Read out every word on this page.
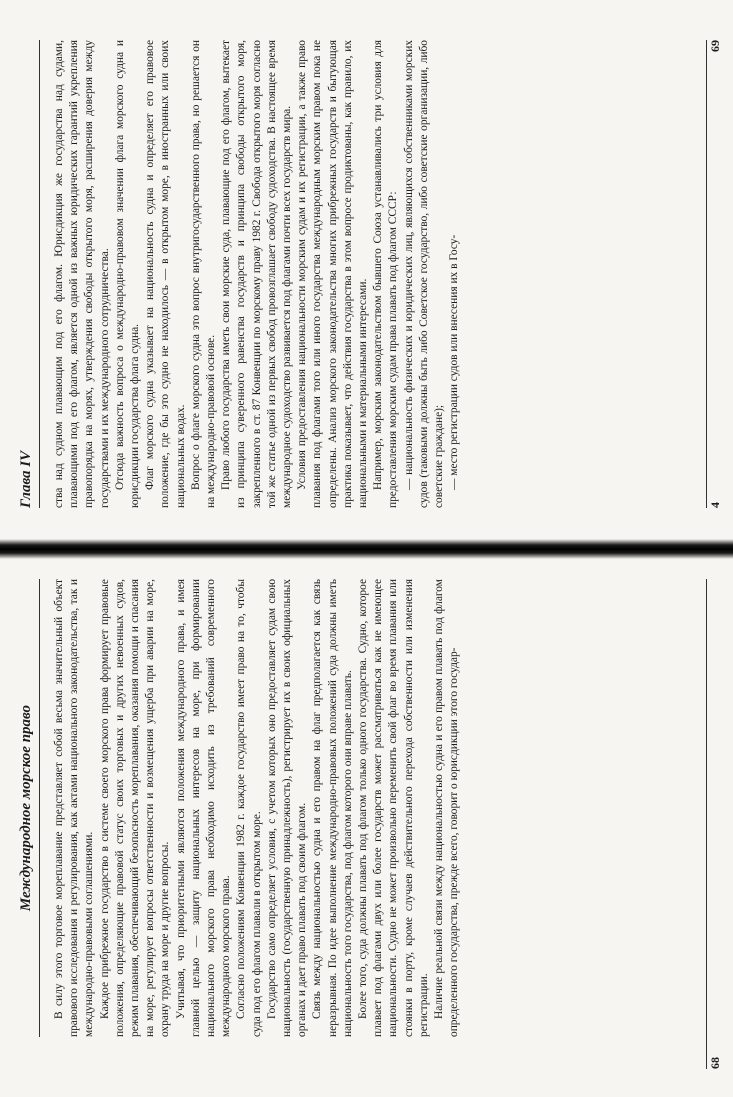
Международное морское право	В силу этого торговое мореплавание представляет собой весьма значительный объект правового исследования и регулирования, как актами национального законодательства, так и международно-правовыми соглашениями. Каждое прибрежное государство в системе своего морского права формирует правовые положения, определяющие правовой статус своих торговых и других невоенных судов, режим плавания, обеспечивающий безопасность мореплавания, оказания помощи и спасания на море, регулирует вопросы ответственности и возмещения ущерба при аварии на море, охрану труда на море и другие вопросы. Учитывая, что приоритетными являются положения международного права, и имея главной целью — защиту национальных интересов на море, при формировании национального морского права необходимо исходить из требований современного международного морского права. Согласно положениям Конвенции 1982 г. каждое государство имеет право на то, чтобы суда под его флагом плавали в открытом море. Государство само определяет условия, с учетом которых оно предоставляет судам свою национальность (государственную принадлежность), регистрирует их в своих официальных органах и дает право плавать под своим флагом. Связь между национальностью судна и его правом на флаг предполагается как связь неразрывная. По идее выполнение международно-правовых положений суда должны иметь национальность того государства, под флагом которого они вправе плавать. Более того, суда должны плавать под флагом только одного государства. Судно, которое плавает под флагами двух или более государств может рассматриваться как не имеющее национальности. Судно не может произвольно переменить свой флаг во время плавания или стоянки в порту, кроме случаев действительного перехода собственности или изменения регистрации. Наличие реальной связи между национальностью судна и его правом плавать под флагом определенного государства, прежде всего, говорит о юрисдикции этого государ-

68
Глава IV	ства над судном плавающим под его флагом. Юрисдикция же государства над судами, плавающими под его флагом, является одной из важных юридических гарантий укрепления правопорядка на морях, утверждения свободы открытого моря, расширения доверия между государствами и их международного сотрудничества. Отсюда важность вопроса о международно-правовом значении флага морского судна и юрисдикции государства флага судна. Флаг морского судна указывает на национальность судна и определяет его правовое положение, где бы это судно не находилось — в открытом море, в иностранных или своих национальных водах. Вопрос о флаге морского судна это вопрос внутригосударственного права, но решается он на международно-правовой основе. Право любого государства иметь свои морские суда, плавающие под его флагом, вытекает из принципа суверенного равенства государств и принципа свободы открытого моря, закрепленного в ст. 87 Конвенции по морскому праву 1982 г. Свобода открытого моря согласно той же статье одной из первых свобод провозглашает свободу судоходства. В настоящее время международное судоходство развивается под флагами почти всех государств мира. Условия предоставления национальности морским судам и их регистрации, а также право плавания под флагами того или иного государства международным морским правом пока не определены. Анализ морского законодательства многих прибрежных государств и бытующая практика показывает, что действия государства в этом вопросе продиктованы, как правило, их национальными и материальными интересами. Например, морским законодательством бывшего Союза устанавливались три условия для предоставления морским судам права плавать под флагом СССР: — национальность физических и юридических лиц, являющихся собственниками морских судов (таковыми должны быть либо Советское государство, либо советские организации, либо советские граждане); — место регистрации судов или внесения их в Госу-

4
69
